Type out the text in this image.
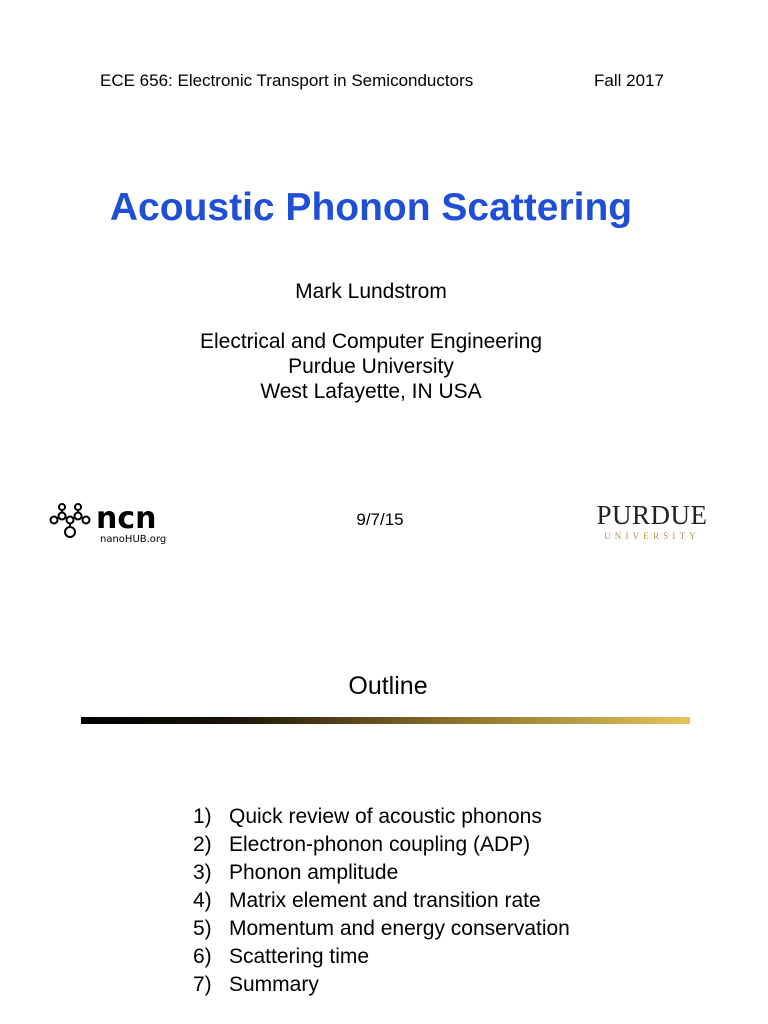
ECE 656: Electronic Transport in Semiconductors	Fall 2017
Acoustic Phonon Scattering
Mark Lundstrom
Electrical and Computer Engineering
Purdue University
West Lafayette, IN USA
ncn
nanoHUB.org
9/7/15	PURDUE
UNIVERSITY
Outline
1) Quick review of acoustic phonons
2) Electron-phonon coupling (ADP)
3) Phonon amplitude
4) Matrix element and transition rate
5) Momentum and energy conservation
6) Scattering time
7) Summary
